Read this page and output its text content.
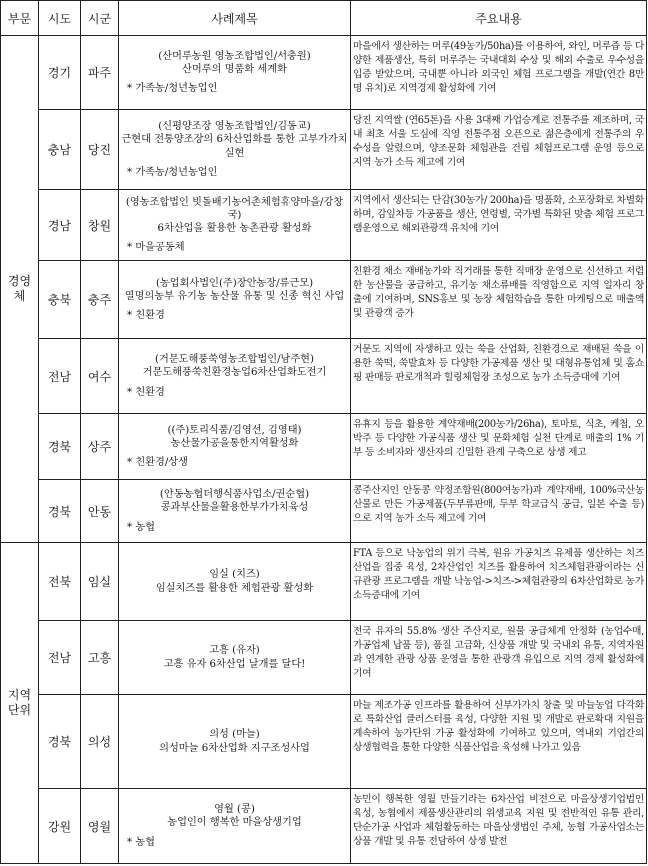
부문	시도	시군	사례제목	주요내용
경영체	경기	파주	(산머루농원 영농조합법인/서충원)
산머루의 명품화 세계화
* 가족농/청년농업인	마을에서 생산하는 머루(49농가/50ha)를 이용하여, 와인, 머루즙 등 다양한 제품생산, 특히 머루주는 국내대회 수상 및 해외 수출로 우수성을 입증 받았으며, 국내뿐 아니라 외국인 체험 프로그램을 개발(연간 8만 명 유치)로 지역경제 활성화에 기여
	충남	당진	(신평양조장 영농조합법인/김동교)
근현대 전통양조장의 6차산업화를 통한 고부가가치 실현
* 가족농/청년농업인	당진 지역쌀 (연65톤)을 사용 3대째 가업승계로 전통주를 제조하며, 국내 최초 서울 도심에 직영 전통주점 오픈으로 젊은층에게 전통주의 우수성을 알렸으며, 양조문화 체험관을 건립 체험프로그램 운영 등으로 지역 농가 소득 제고에 기여
	경남	창원	(영농조합법인 빗돌배기농어촌체험휴양마을/강창국)
6차산업을 활용한 농촌관광 활성화
* 마을공동체	지역에서 생산되는 단감(30농가/ 200ha)을 명품화, 소포장화로 차별화하며, 감잎차등 가공품을 생산, 연령별, 국가별 특화된 맞춤 체험 프로그램운영으로 해외관광객 유치에 기여
	충북	충주	(농업회사법인(주)장안농장/류근모)
열명의농부 유기농 농산물 유통 및 신종 혁신 사업
* 친환경	친환경 채소 재배농가와 직거래를 통한 직매장 운영으로 신선하고 저렴한 농산물을 공급하고, 유기농 채소류배를 직영함으로 지역 일자리 창출에 기여하며, SNS홍보 및 농장 체험학습을 통한 마케팅으로 매출액 및 관광객 증가
	전남	여수	(거문도해풍쑥영농조합법인/남주현)
거문도해풍쑥친환경농업6차산업화도전기
* 친환경	거문도 지역에 자생하고 있는 쑥을 산업화, 친환경으로 재배된 쑥을 이용한 쑥떡, 쑥발효차 등 다양한 가공제품 생산 및 대형유통업체 및 홈쇼핑 판매등 판로개척과 힐링체험장 조성으로 농가 소득증대에 기여
	경북	상주	((주)토리식품/김영선, 김영태)
농산물가공을통한지역활성화
* 친환경/상생	유휴지 등을 활용한 계약재배(200농가/26ha), 토마토, 식초, 케첩, 오박주 등 다양한 가공식품 생산 및 문화체험 실천 단계로 매출의 1% 기부 등 소비자와 생산자의 긴밀한 관계 구축으로 상생 제고
	경북	안동	(안동농협더행식품사업소/권순협)
콩과부산물을활용한부가가치육성
* 농협	콩주산지인 안동콩 약정조합원(800여농가)과 계약재배, 100%국산농산물로 만든 가공제품(두부류판매, 두부 학교급식 공급, 일본 수출 등)으로 지역 농가 소득 제고에 기여
지역단위	전북	임실	임실 (치즈)
임실치즈를 활용한 체험관광 활성화	FTA 등으로 낙농업의 위기 극복, 원유 가공치즈 유제품 생산하는 치즈산업을 집중 육성, 2차산업인 치즈를 활용하여 치즈체험관광이라는 신규관광 프로그램을 개발 낙농업->치즈->체험관광의 6차산업화로 농가 소득증대에 기여
	전남	고흥	고흥 (유자)
고흥 유자 6차산업 날개를 달다!	전국 유자의 55.8% 생산 주산지로, 원물 공급체계 안정화 (농업수매, 가공업체 납품 등), 품질 고급화, 신상품 개발 및 국내외 유통, 지역자원과 연계한 관광 상품 운영을 통한 관광객 유입으로 지역 경제 활성화에 기여
	경북	의성	의성 (마늘)
의성마늘 6차산업화 지구조성사업	마늘 제조가공 인프라를 활용하여 신부가가치 창출 및 마늘농업 다각화로 특화산업 클러스터를 육성, 다양한 지원 및 개발로 판로확대 지원을 계속하여 농가단위 가공 활성화에 기여하고 있으며, 역내외 기업간의 상생협력을 통한 다양한 식품산업을 육성해 나가고 있음
	강원	영월	영월 (콩)
농업인이 행복한 마을상생기업
* 농협	농민이 행복한 영월 만들기라는 6차산업 비전으로 마을상생기업법인 육성, 농협에서 제품생산관리의 위생교육 지원 및 전반적인 유통 관리, 단순가공 사업과 체험활동하는 마을상생법인 주체, 농협 가공사업소는 상품 개발 및 유통 전담하여 상생 발전
